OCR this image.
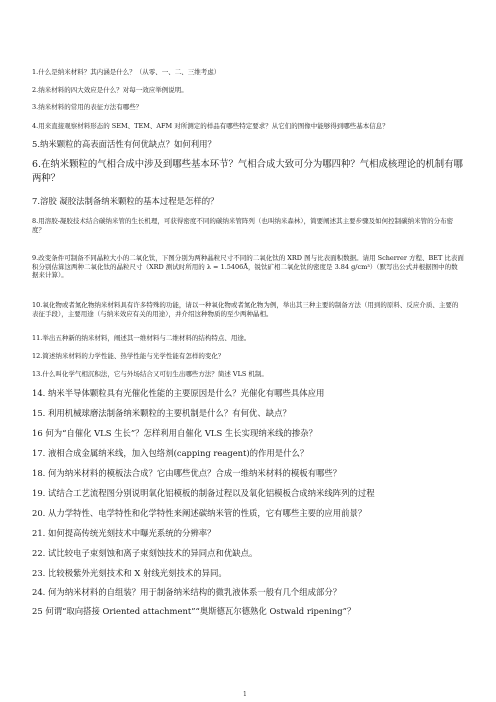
1.什么是纳米材料？其内涵是什么？（从零、一、二、三维考虑）
2.纳米材料的四大效应是什么？对每一效应举例说明。
3.纳米材料的常用的表征方法有哪些？
4.用来直接观察材料形态的 SEM、TEM、AFM 对所测定的样品有哪些特定要求？从它们的图像中能够得到哪些基本信息？
5.纳米颗粒的高表面活性有何优缺点？如何利用？
6.在纳米颗粒的气相合成中涉及到哪些基本环节？气相合成大致可分为哪四种？气相成核理论的机制有哪两种？
7.溶胶 凝胶法制备纳米颗粒的基本过程是怎样的？
8.用溶胶-凝胶技术结合碳纳米管的生长机理，可获得密度不同的碳纳米管阵列（也叫纳米森林），简要阐述其主要步骤及如何控制碳纳米管的分布密度？
9.改变条件可制备不同晶粒大小的二氧化钛，下图分别为两种晶粒尺寸不同的二氧化钛的 XRD 图与比表面积数据。请用 Scherrer 方程、BET 比表面积分别估算这两种二氧化钛的晶粒尺寸（XRD 测试时所用的 λ = 1.5406Å，锐钛矿相二氧化钛的密度是 3.84 g/cm³）（默写出公式并根据图中的数据来计算）。
10.氧化物或者氮化物纳米材料具有许多特殊的功能，请以一种氧化物或者氮化物为例，举出其三种主要的制备方法（用到的原料、反应介质、主要的表征手段），主要用途（与纳米效应有关的用途），并介绍这种物质的至少两种晶相。
11.举出五种新的纳米材料，阐述其一维材料与二维材料的结构特点、用途。
12.简述纳米材料的力学性能、热学性能与光学性能有怎样的变化？
13.什么叫化学气相沉积法，它与外场结合又可衍生出哪些方法？简述 VLS 机制。
14. 纳米半导体颗粒具有光催化性能的主要原因是什么？光催化有哪些具体应用
15. 利用机械球磨法制备纳米颗粒的主要机制是什么？有何优、缺点？
16 何为“自催化 VLS 生长”？怎样利用自催化 VLS 生长实现纳米线的掺杂？
17. 液相合成金属纳米线，加入包络剂(capping reagent)的作用是什么？
18. 何为纳米材料的模板法合成？它由哪些优点？合成一维纳米材料的模板有哪些？
19. 试结合工艺流程图分别说明氧化铝模板的制备过程以及氧化铝模板合成纳米线阵列的过程
20. 从力学特性、电学特性和化学特性来阐述碳纳米管的性质，它有哪些主要的应用前景？
21. 如何提高传统光刻技术中曝光系统的分辨率？
22. 试比较电子束刻蚀和离子束刻蚀技术的异同点和优缺点。
23. 比较极紫外光刻技术和 X 射线光刻技术的异同。
24. 何为纳米材料的自组装？用于制备纳米结构的微乳液体系一般有几个组成部分？
25 何谓“取向搭接 Oriented attachment”“奥斯德瓦尔德熟化 Ostwald ripening”？
1
